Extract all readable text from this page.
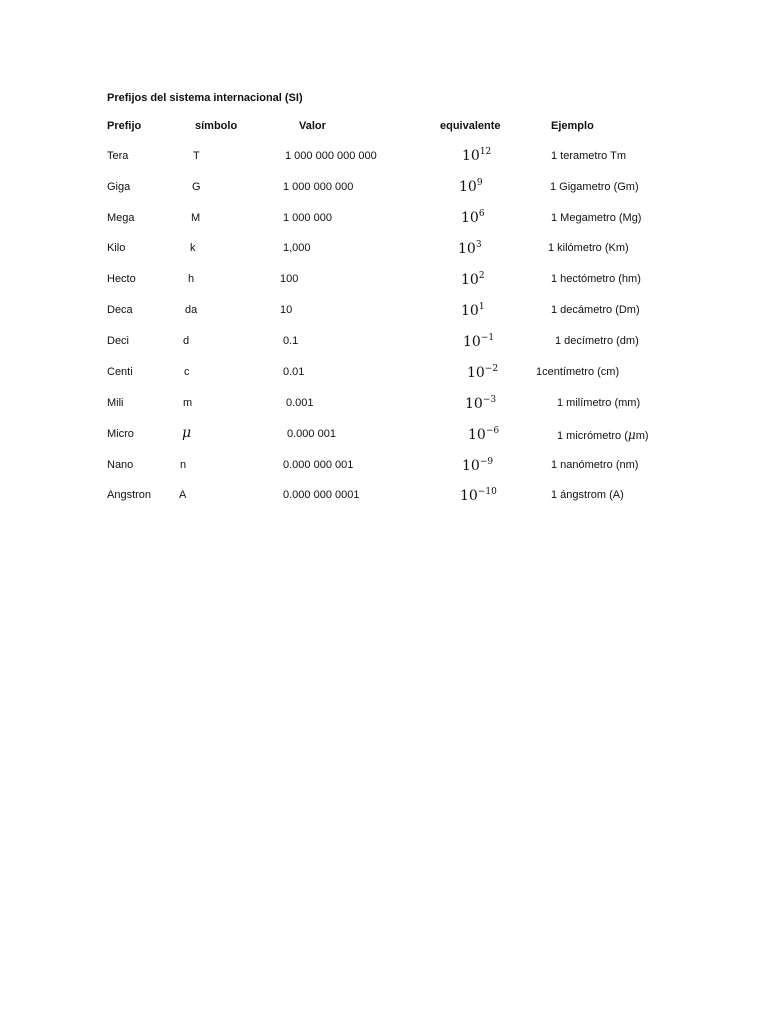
Prefijos del sistema internacional (SI)
Prefijo	símbolo	Valor	equivalente	Ejemplo
Tera	T	1 000 000 000 000	$10^{12}$	1 terametro Tm
Giga	G	1 000 000 000	$10^9$	1 Gigametro (Gm)
Mega	M	1 000 000	$10^6$	1 Megametro (Mg)
Kilo	k	1,000	$10^3$	1 kilómetro (Km)
Hecto	h	100	$10^2$	1 hectómetro (hm)
Deca	da	10	$10^1$	1 decámetro (Dm)
Deci	d	0.1	$10^{-1}$	1 decímetro (dm)
Centi	c	0.01	$10^{-2}$	1centímetro (cm)
Mili	m	0.001	$10^{-3}$	1 milímetro (mm)
Micro	μ	0.000 001	$10^{-6}$	1 micrómetro (μm)
Nano	n	0.000 000 001	$10^{-9}$	1 nanómetro (nm)
Angstron	A	0.000 000 0001	$10^{-10}$	1 ángstrom (A)
